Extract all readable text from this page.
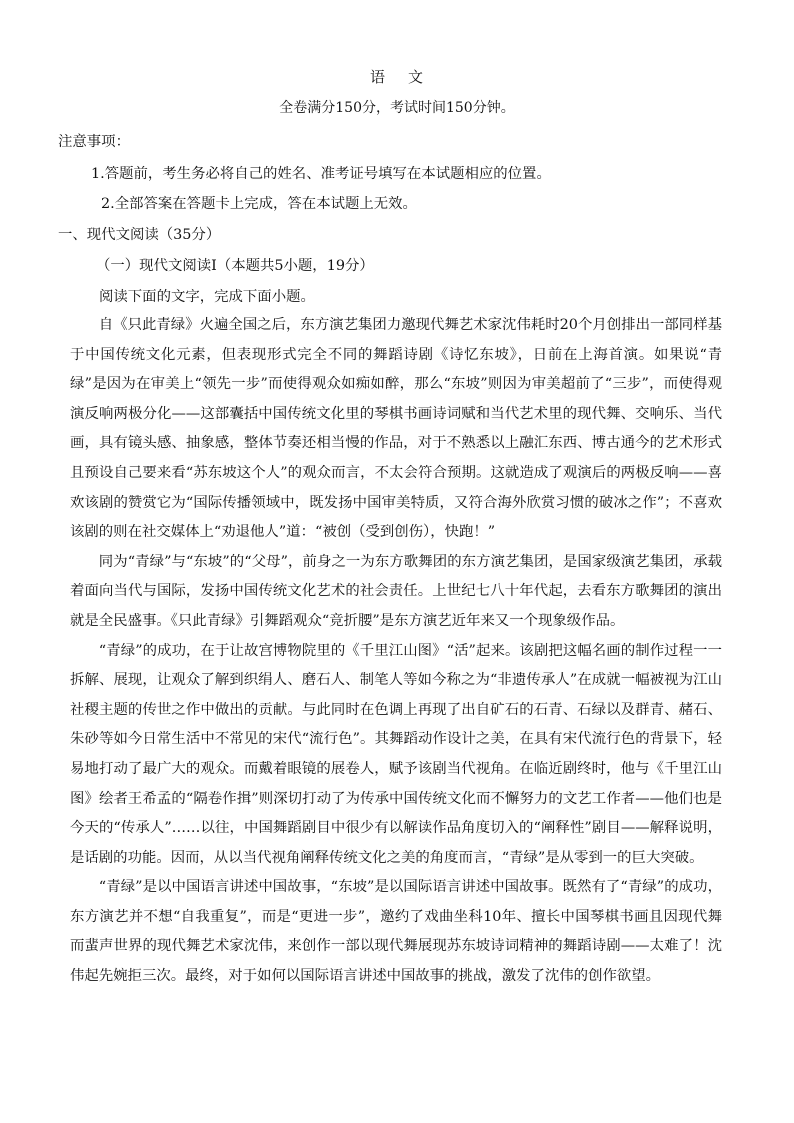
语 文
全卷满分150分，考试时间150分钟。
注意事项：
1.答题前，考生务必将自己的姓名、准考证号填写在本试题相应的位置。
2.全部答案在答题卡上完成，答在本试题上无效。
一、现代文阅读（35分）
（一）现代文阅读Ⅰ（本题共5小题，19分）
阅读下面的文字，完成下面小题。

自《只此青绿》火遍全国之后，东方演艺集团力邀现代舞艺术家沈伟耗时20个月创排出一部同样基于中国传统文化元素，但表现形式完全不同的舞蹈诗剧《诗忆东坡》，日前在上海首演。如果说“青绿”是因为在审美上“领先一步”而使得观众如痴如醉，那么“东坡”则因为审美超前了“三步”，而使得观演反响两极分化——这部囊括中国传统文化里的琴棋书画诗词赋和当代艺术里的现代舞、交响乐、当代画，具有镜头感、抽象感，整体节奏还相当慢的作品，对于不熟悉以上融汇东西、博古通今的艺术形式且预设自己要来看“苏东坡这个人”的观众而言，不太会符合预期。这就造成了观演后的两极反响——喜欢该剧的赞赏它为“国际传播领域中，既发扬中国审美特质，又符合海外欣赏习惯的破冰之作”；不喜欢该剧的则在社交媒体上“劝退他人”道：“被创（受到创伤），快跑！”

同为“青绿”与“东坡”的“父母”，前身之一为东方歌舞团的东方演艺集团，是国家级演艺集团，承载着面向当代与国际，发扬中国传统文化艺术的社会责任。上世纪七八十年代起，去看东方歌舞团的演出就是全民盛事。《只此青绿》引舞蹈观众“竞折腰”是东方演艺近年来又一个现象级作品。

“青绿”的成功，在于让故宫博物院里的《千里江山图》“活”起来。该剧把这幅名画的制作过程一一拆解、展现，让观众了解到织绢人、磨石人、制笔人等如今称之为“非遗传承人”在成就一幅被视为江山社稷主题的传世之作中做出的贡献。与此同时在色调上再现了出自矿石的石青、石绿以及群青、赭石、朱砂等如今日常生活中不常见的宋代“流行色”。其舞蹈动作设计之美，在具有宋代流行色的背景下，轻易地打动了最广大的观众。而戴着眼镜的展卷人，赋予该剧当代视角。在临近剧终时，他与《千里江山图》绘者王希孟的“隔卷作揖”则深切打动了为传承中国传统文化而不懈努力的文艺工作者——他们也是今天的“传承人”……以往，中国舞蹈剧目中很少有以解读作品角度切入的“阐释性”剧目——解释说明，是话剧的功能。因而，从以当代视角阐释传统文化之美的角度而言，“青绿”是从零到一的巨大突破。

“青绿”是以中国语言讲述中国故事，“东坡”是以国际语言讲述中国故事。既然有了“青绿”的成功，东方演艺并不想“自我重复”，而是“更进一步”，邀约了戏曲坐科10年、擅长中国琴棋书画且因现代舞而蜚声世界的现代舞艺术家沈伟，来创作一部以现代舞展现苏东坡诗词精神的舞蹈诗剧——太难了！沈伟起先婉拒三次。最终，对于如何以国际语言讲述中国故事的挑战，激发了沈伟的创作欲望。
